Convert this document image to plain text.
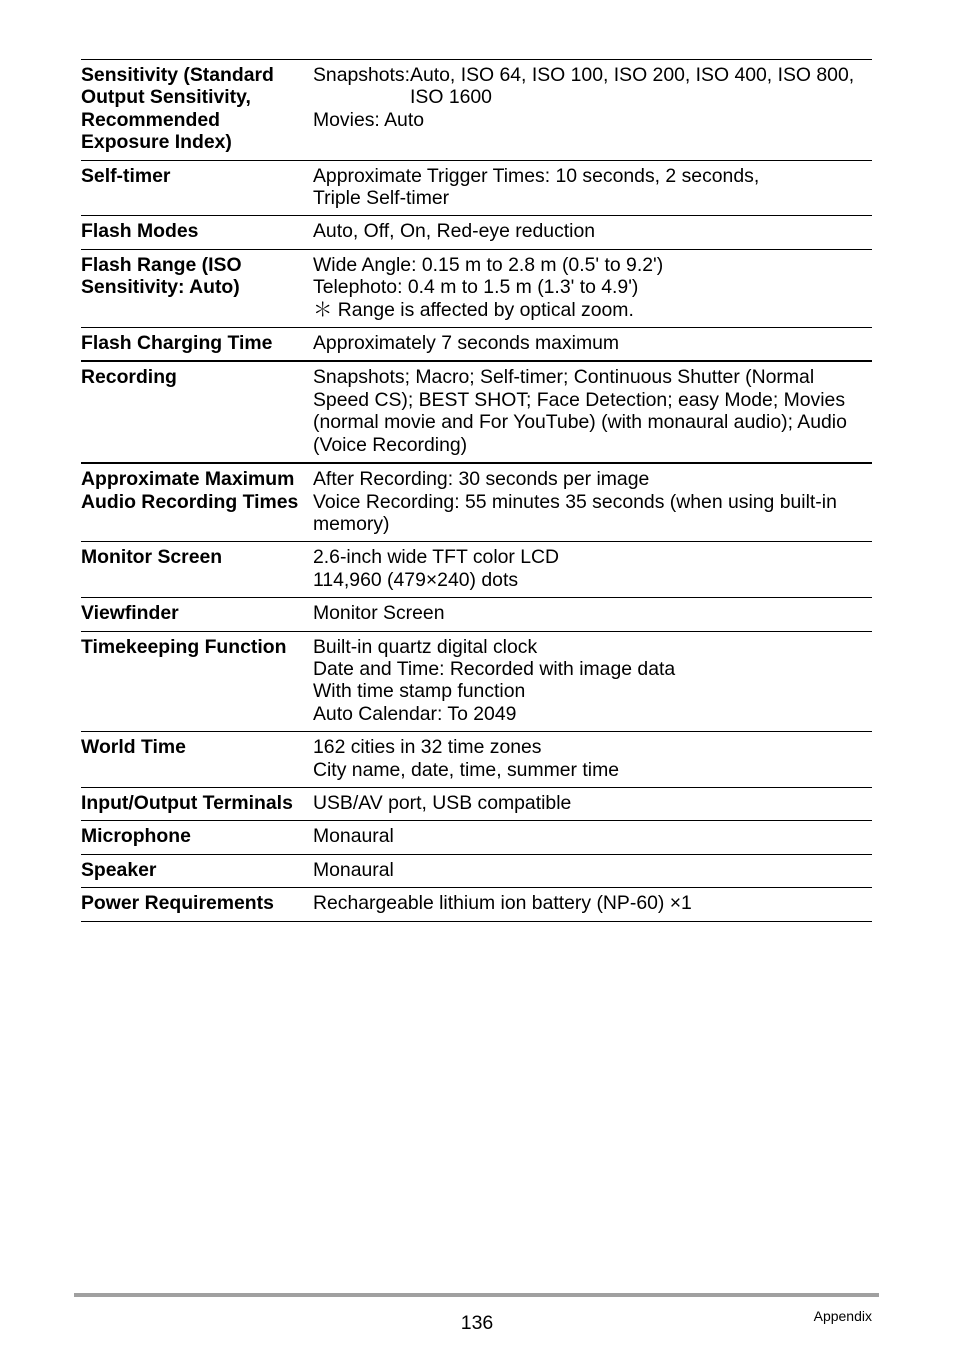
Sensitivity (Standard Output Sensitivity, Recommended Exposure Index)	Snapshots: Auto, ISO 64, ISO 100, ISO 200, ISO 400, ISO 800, ISO 1600
Movies: Auto

Self-timer	Approximate Trigger Times: 10 seconds, 2 seconds,
Triple Self-timer

Flash Modes	Auto, Off, On, Red-eye reduction

Flash Range (ISO Sensitivity: Auto)	Wide Angle: 0.15 m to 2.8 m (0.5' to 9.2')
Telephoto: 0.4 m to 1.5 m (1.3' to 4.9')
＊ Range is affected by optical zoom.

Flash Charging Time	Approximately 7 seconds maximum

Recording	Snapshots; Macro; Self-timer; Continuous Shutter (Normal
Speed CS); BEST SHOT; Face Detection; easy Mode; Movies
(normal movie and For YouTube) (with monaural audio); Audio
(Voice Recording)

Approximate Maximum Audio Recording Times	After Recording: 30 seconds per image
Voice Recording: 55 minutes 35 seconds (when using built-in
memory)

Monitor Screen	2.6-inch wide TFT color LCD
114,960 (479×240) dots

Viewfinder	Monitor Screen

Timekeeping Function	Built-in quartz digital clock
Date and Time: Recorded with image data
With time stamp function
Auto Calendar: To 2049

World Time	162 cities in 32 time zones
City name, date, time, summer time

Input/Output Terminals	USB/AV port, USB compatible

Microphone	Monaural

Speaker	Monaural

Power Requirements	Rechargeable lithium ion battery (NP-60) ×1
136	Appendix
